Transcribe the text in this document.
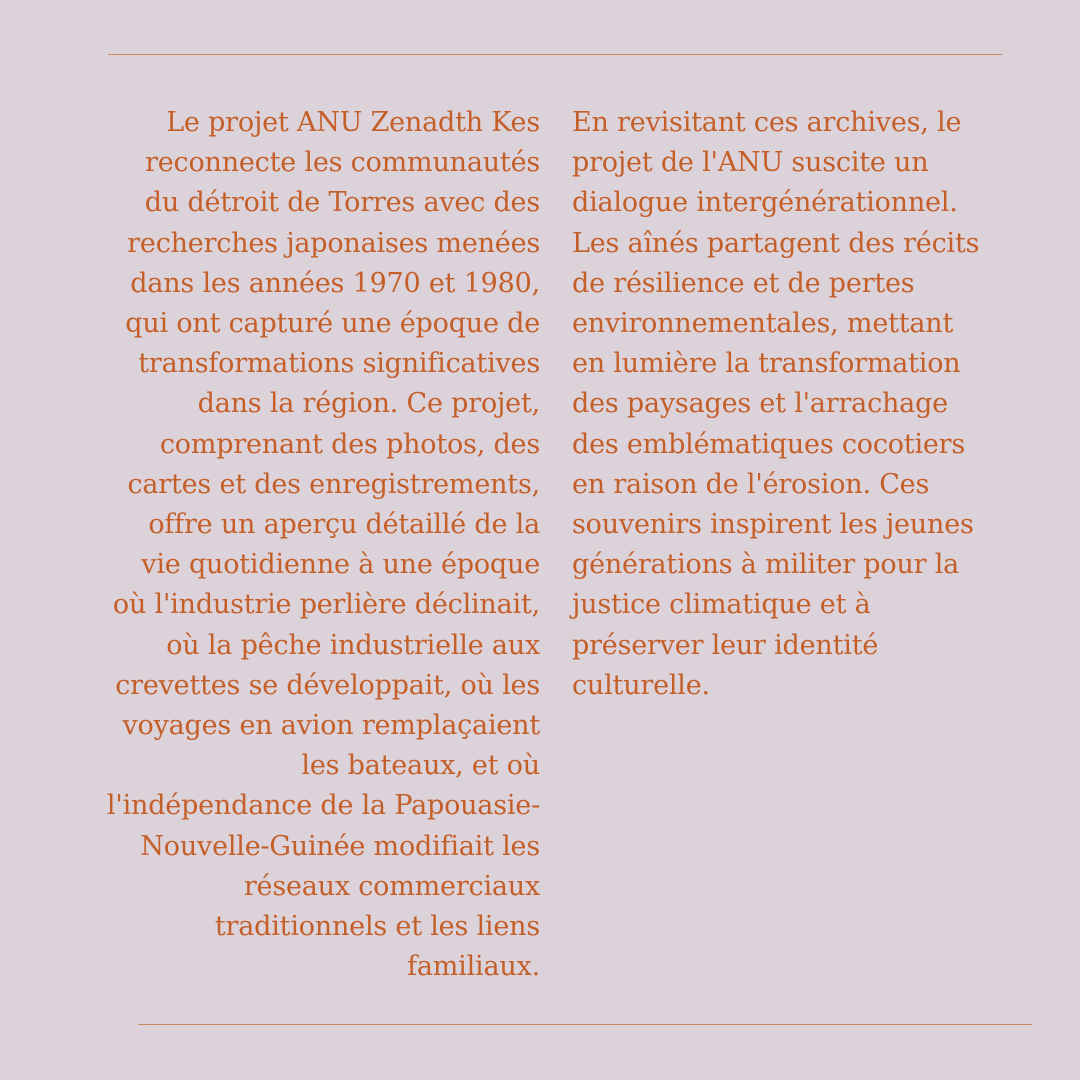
Le projet ANU Zenadth Kes
reconnecte les communautés
du détroit de Torres avec des
recherches japonaises menées
dans les années 1970 et 1980,
qui ont capturé une époque de
transformations significatives
dans la région. Ce projet,
comprenant des photos, des
cartes et des enregistrements,
offre un aperçu détaillé de la
vie quotidienne à une époque
où l'industrie perlière déclinait,
où la pêche industrielle aux
crevettes se développait, où les
voyages en avion remplaçaient
les bateaux, et où
l'indépendance de la Papouasie-
Nouvelle-Guinée modifiait les
réseaux commerciaux
traditionnels et les liens
familiaux.
En revisitant ces archives, le
projet de l'ANU suscite un
dialogue intergénérationnel.
Les aînés partagent des récits
de résilience et de pertes
environnementales, mettant
en lumière la transformation
des paysages et l'arrachage
des emblématiques cocotiers
en raison de l'érosion. Ces
souvenirs inspirent les jeunes
générations à militer pour la
justice climatique et à
préserver leur identité
culturelle.
